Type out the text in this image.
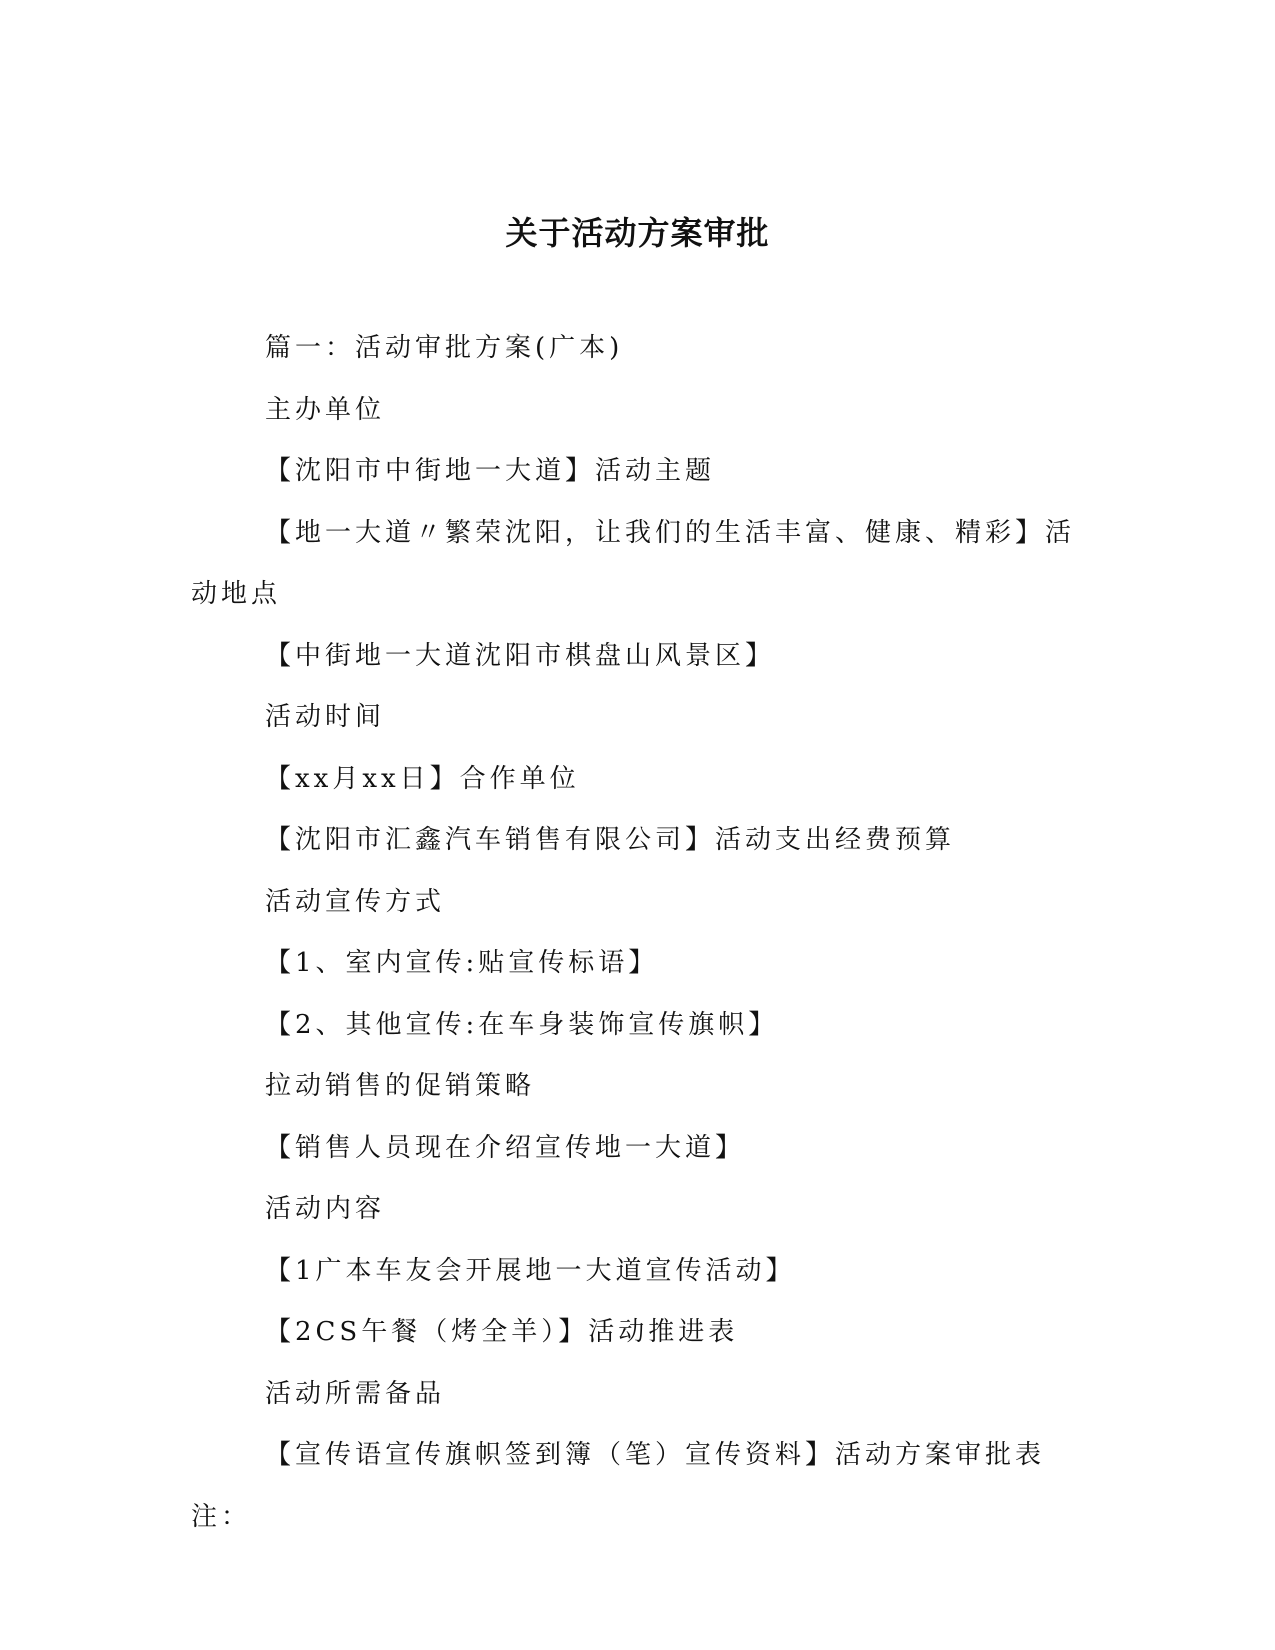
关于活动方案审批

篇一：活动审批方案(广本)

主办单位

【沈阳市中街地一大道】活动主题

【地一大道〃繁荣沈阳，让我们的生活丰富、健康、精彩】活动地点

【中街地一大道沈阳市棋盘山风景区】

活动时间

【xx月xx日】合作单位

【沈阳市汇鑫汽车销售有限公司】活动支出经费预算

活动宣传方式

【1、室内宣传:贴宣传标语】

【2、其他宣传:在车身装饰宣传旗帜】

拉动销售的促销策略

【销售人员现在介绍宣传地一大道】

活动内容

【1广本车友会开展地一大道宣传活动】

【2CS午餐（烤全羊）】活动推进表

活动所需备品

【宣传语宣传旗帜签到簿（笔）宣传资料】活动方案审批表注：
